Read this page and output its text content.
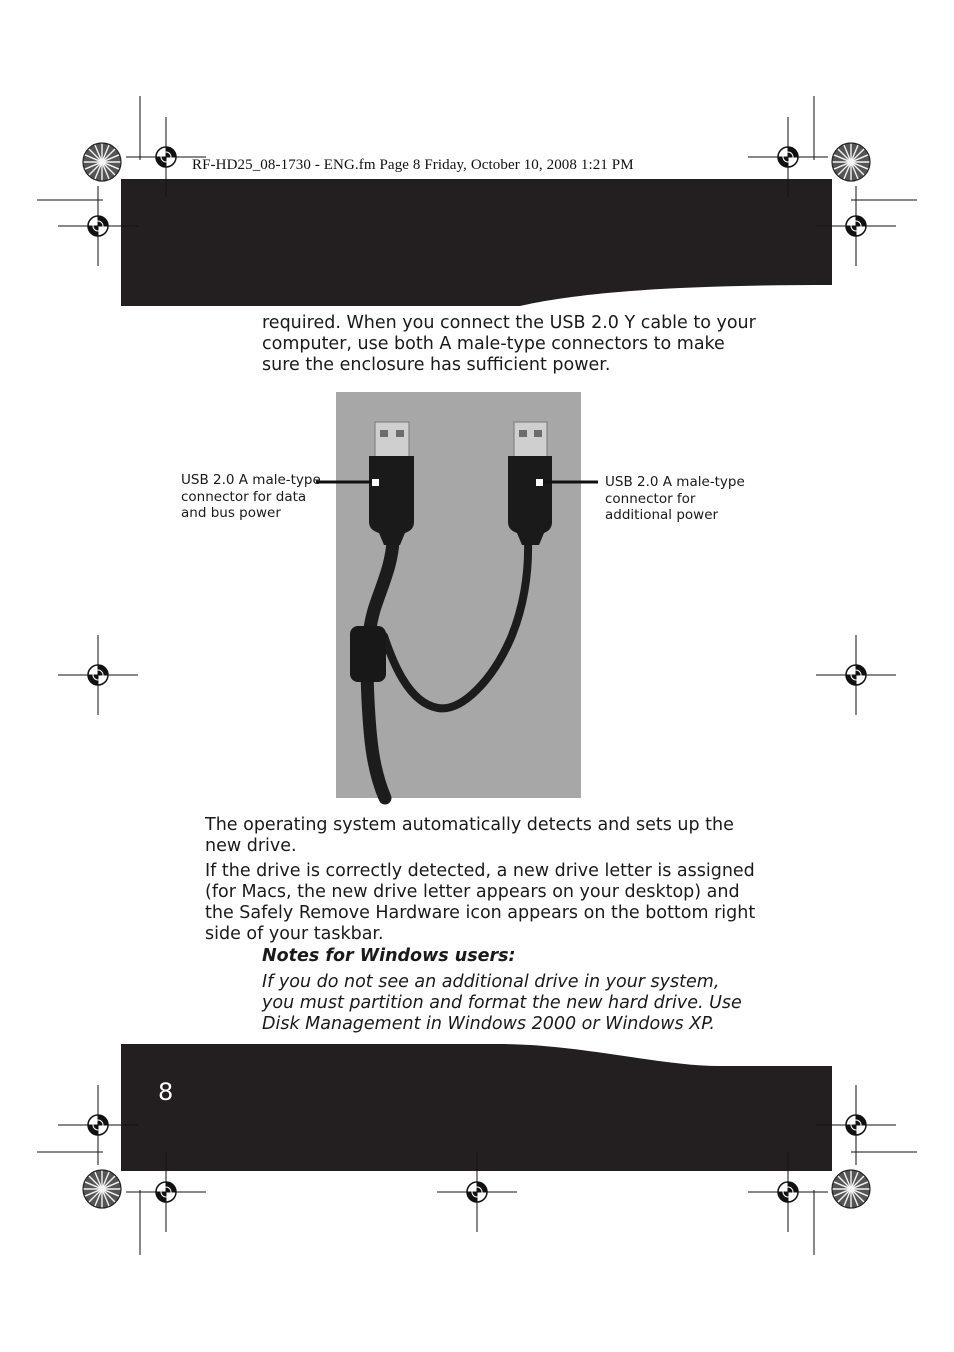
RF-HD25_08-1730 - ENG.fm Page 8 Friday, October 10, 2008 1:21 PM
required. When you connect the USB 2.0 Y cable to your computer, use both A male-type connectors to make sure the enclosure has sufficient power.
USB 2.0 A male-type connector for data and bus power
USB 2.0 A male-type connector for additional power
The operating system automatically detects and sets up the new drive.
If the drive is correctly detected, a new drive letter is assigned (for Macs, the new drive letter appears on your desktop) and the Safely Remove Hardware icon appears on the bottom right side of your taskbar.
Notes for Windows users:
If you do not see an additional drive in your system, you must partition and format the new hard drive. Use Disk Management in Windows 2000 or Windows XP.
8
